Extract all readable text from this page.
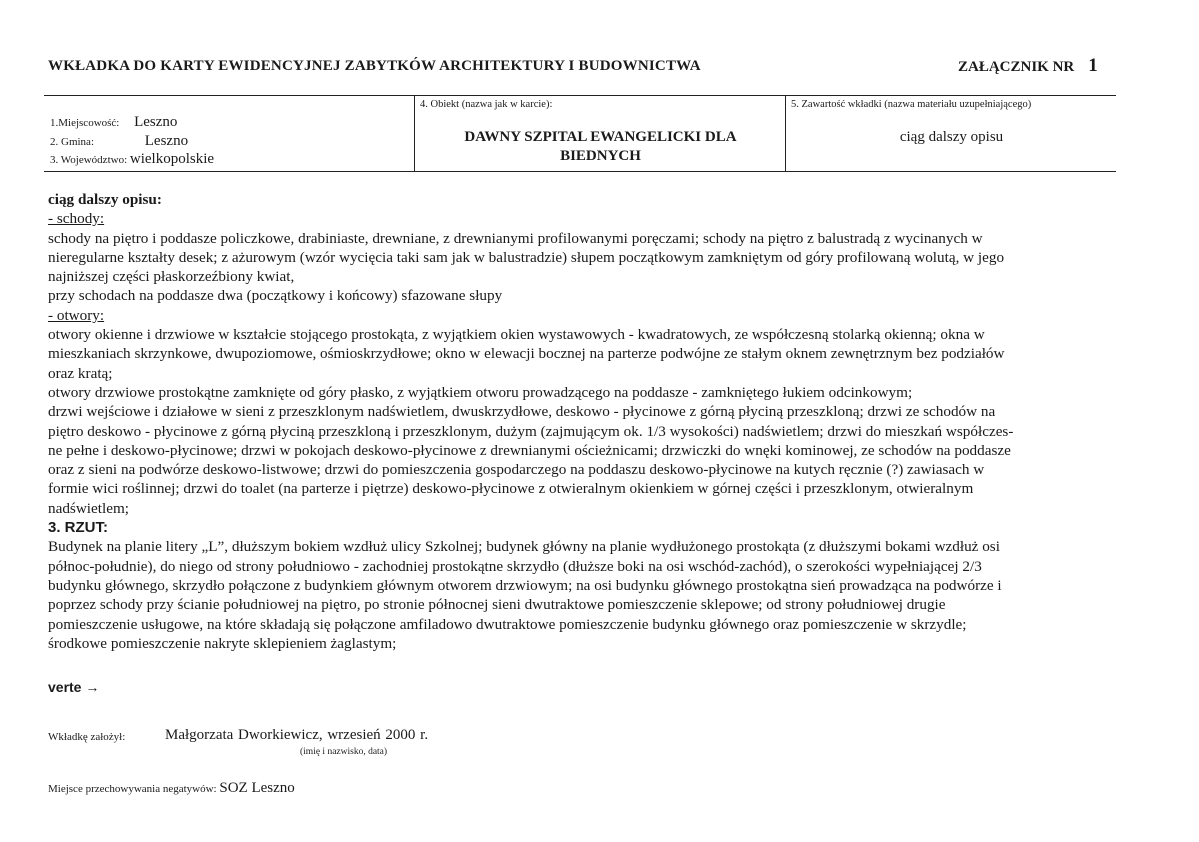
WKŁADKA DO KARTY EWIDENCYJNEJ ZABYTKÓW ARCHITEKTURY I BUDOWNICTWA	ZAŁĄCZNIK NR 1
1.Miejscowość: Leszno
2. Gmina:	Leszno
3. Województwo: wielkopolskie
4. Obiekt (nazwa jak w karcie):
DAWNY SZPITAL EWANGELICKI DLA
BIEDNYCH
5. Zawartość wkładki (nazwa materiału uzupełniającego)
ciąg dalszy opisu

ciąg dalszy opisu:

- schody:

schody na piętro i poddasze policzkowe, drabiniaste, drewniane, z drewnianymi profilowanymi poręczami; schody na piętro z balustradą z wycinanych w

nieregularne kształty desek; z ażurowym (wzór wycięcia taki sam jak w balustradzie) słupem początkowym zamkniętym od góry profilowaną wolutą, w jego

najniższej części płaskorzeźbiony kwiat,

przy schodach na poddasze dwa (początkowy i końcowy) sfazowane słupy

- otwory:

otwory okienne i drzwiowe w kształcie stojącego prostokąta, z wyjątkiem okien wystawowych - kwadratowych, ze współczesną stolarką okienną; okna w

mieszkaniach skrzynkowe, dwupoziomowe, ośmioskrzydłowe; okno w elewacji bocznej na parterze podwójne ze stałym oknem zewnętrznym bez podziałów

oraz kratą;

otwory drzwiowe prostokątne zamknięte od góry płasko, z wyjątkiem otworu prowadzącego na poddasze - zamkniętego łukiem odcinkowym;

drzwi wejściowe i działowe w sieni z przeszklonym nadświetlem, dwuskrzydłowe, deskowo - płycinowe z górną płyciną przeszkloną; drzwi ze schodów na

piętro deskowo - płycinowe z górną płyciną przeszkloną i przeszklonym, dużym (zajmującym ok. 1/3 wysokości) nadświetlem; drzwi do mieszkań współczes-

ne pełne i deskowo-płycinowe; drzwi w pokojach deskowo-płycinowe z drewnianymi ościeżnicami; drzwiczki do wnęki kominowej, ze schodów na poddasze

oraz z sieni na podwórze deskowo-listwowe; drzwi do pomieszczenia gospodarczego na poddaszu deskowo-płycinowe na kutych ręcznie (?) zawiasach w

formie wici roślinnej; drzwi do toalet (na parterze i piętrze) deskowo-płycinowe z otwieralnym okienkiem w górnej części i przeszklonym, otwieralnym

nadświetlem;

3. RZUT:

Budynek na planie litery „L”, dłuższym bokiem wzdłuż ulicy Szkolnej; budynek główny na planie wydłużonego prostokąta (z dłuższymi bokami wzdłuż osi

północ-południe), do niego od strony południowo - zachodniej prostokątne skrzydło (dłuższe boki na osi wschód-zachód), o szerokości wypełniającej 2/3

budynku głównego, skrzydło połączone z budynkiem głównym otworem drzwiowym; na osi budynku głównego prostokątna sień prowadząca na podwórze i

poprzez schody przy ścianie południowej na piętro, po stronie północnej sieni dwutraktowe pomieszczenie sklepowe; od strony południowej drugie

pomieszczenie usługowe, na które składają się połączone amfiladowo dwutraktowe pomieszczenie budynku głównego oraz pomieszczenie w skrzydle;

środkowe pomieszczenie nakryte sklepieniem żaglastym;

verte →
Wkładkę założył:	Małgorzata Dworkiewicz, wrzesień 2000 r.
(imię i nazwisko, data)
Miejsce przechowywania negatywów: SOZ Leszno
